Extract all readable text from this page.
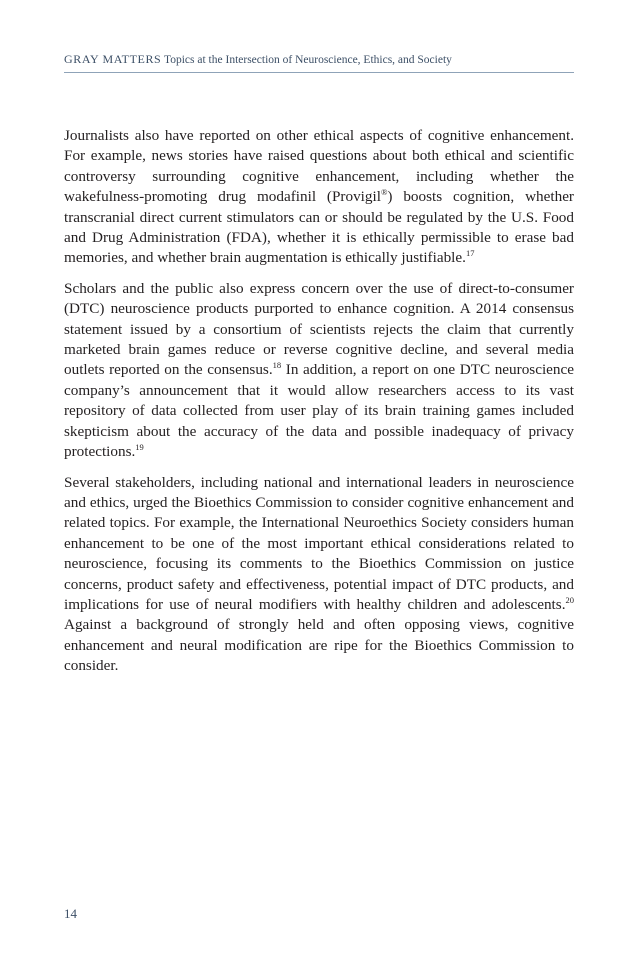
GRAY MATTERS Topics at the Intersection of Neuroscience, Ethics, and Society

Journalists also have reported on other ethical aspects of cognitive enhancement. For example, news stories have raised questions about both ethical and scientific controversy surrounding cognitive enhancement, including whether the wakefulness-promoting drug modafinil (Provigil®) boosts cognition, whether transcranial direct current stimulators can or should be regulated by the U.S. Food and Drug Administration (FDA), whether it is ethically permissible to erase bad memories, and whether brain augmentation is ethically justifiable.$^{17}$

Scholars and the public also express concern over the use of direct-to-consumer (DTC) neuroscience products purported to enhance cognition. A 2014 consensus statement issued by a consortium of scientists rejects the claim that currently marketed brain games reduce or reverse cognitive decline, and several media outlets reported on the consensus.$^{18}$ In addition, a report on one DTC neuroscience company’s announcement that it would allow researchers access to its vast repository of data collected from user play of its brain training games included skepticism about the accuracy of the data and possible inadequacy of privacy protections.$^{19}$

Several stakeholders, including national and international leaders in neuroscience and ethics, urged the Bioethics Commission to consider cognitive enhancement and related topics. For example, the International Neuroethics Society considers human enhancement to be one of the most important ethical considerations related to neuroscience, focusing its comments to the Bioethics Commission on justice concerns, product safety and effectiveness, potential impact of DTC products, and implications for use of neural modifiers with healthy children and adolescents.$^{20}$ Against a background of strongly held and often opposing views, cognitive enhancement and neural modification are ripe for the Bioethics Commission to consider.

14
